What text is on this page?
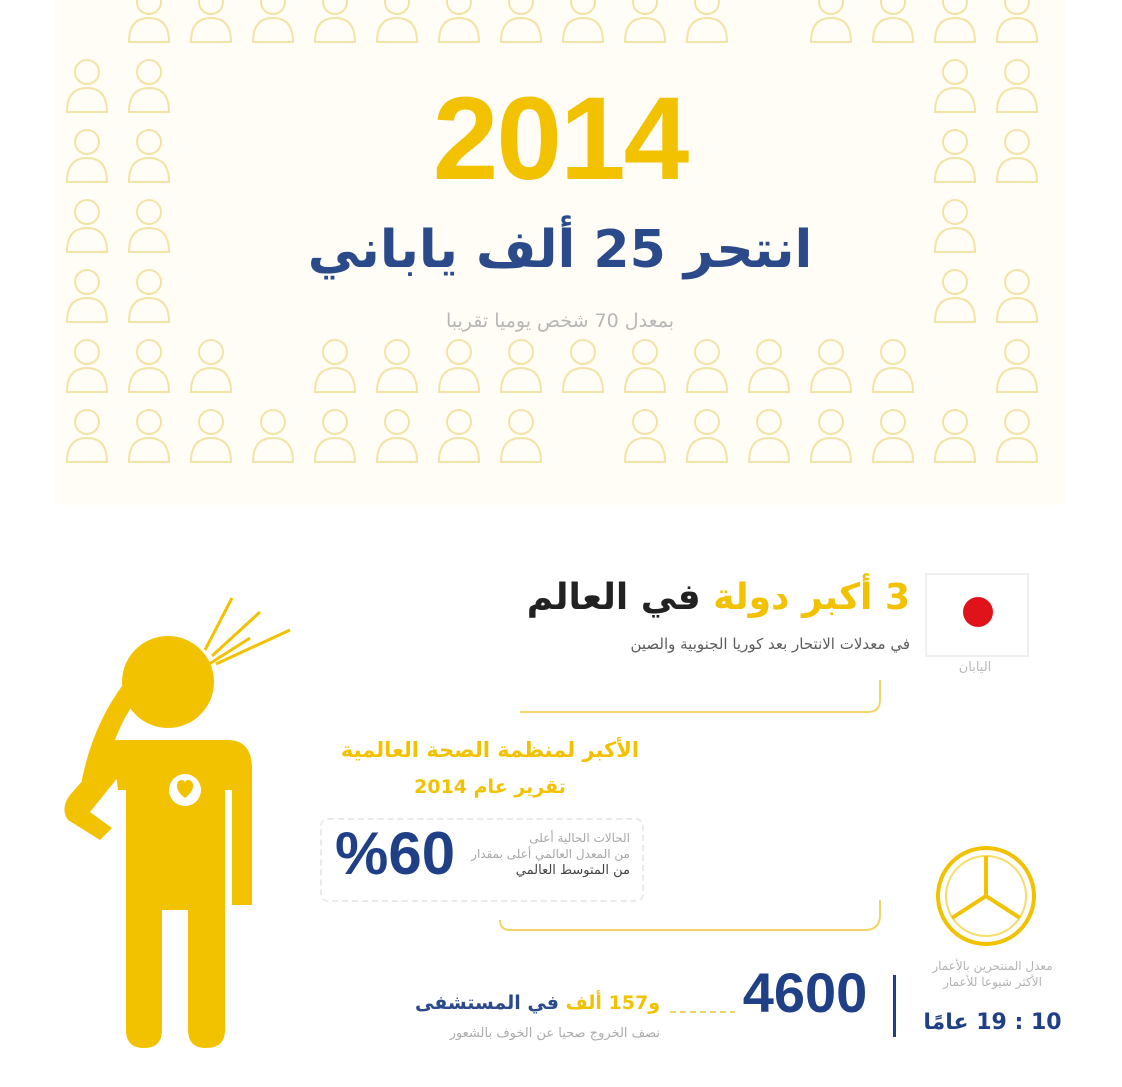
2014
انتحر 25 ألف ياباني
بمعدل 70 شخص يوميا تقريبا
اليابان
3 أكبر دولة في العالم
في معدلات الانتحار بعد كوريا الجنوبية والصين
الأكبر لمنظمة الصحة العالمية
تقرير عام 2014
%60	الحالات الحالية أعلى
من المعدل العالمي أعلى بمقدار
من المتوسط العالمي
معدل المنتحرين بالأعمار
الأكثر شيوعا للأعمار
10 : 19 عامًا
4600
و157 ألف في المستشفى
نصف الخروج صحيا عن الخوف بالشعور
